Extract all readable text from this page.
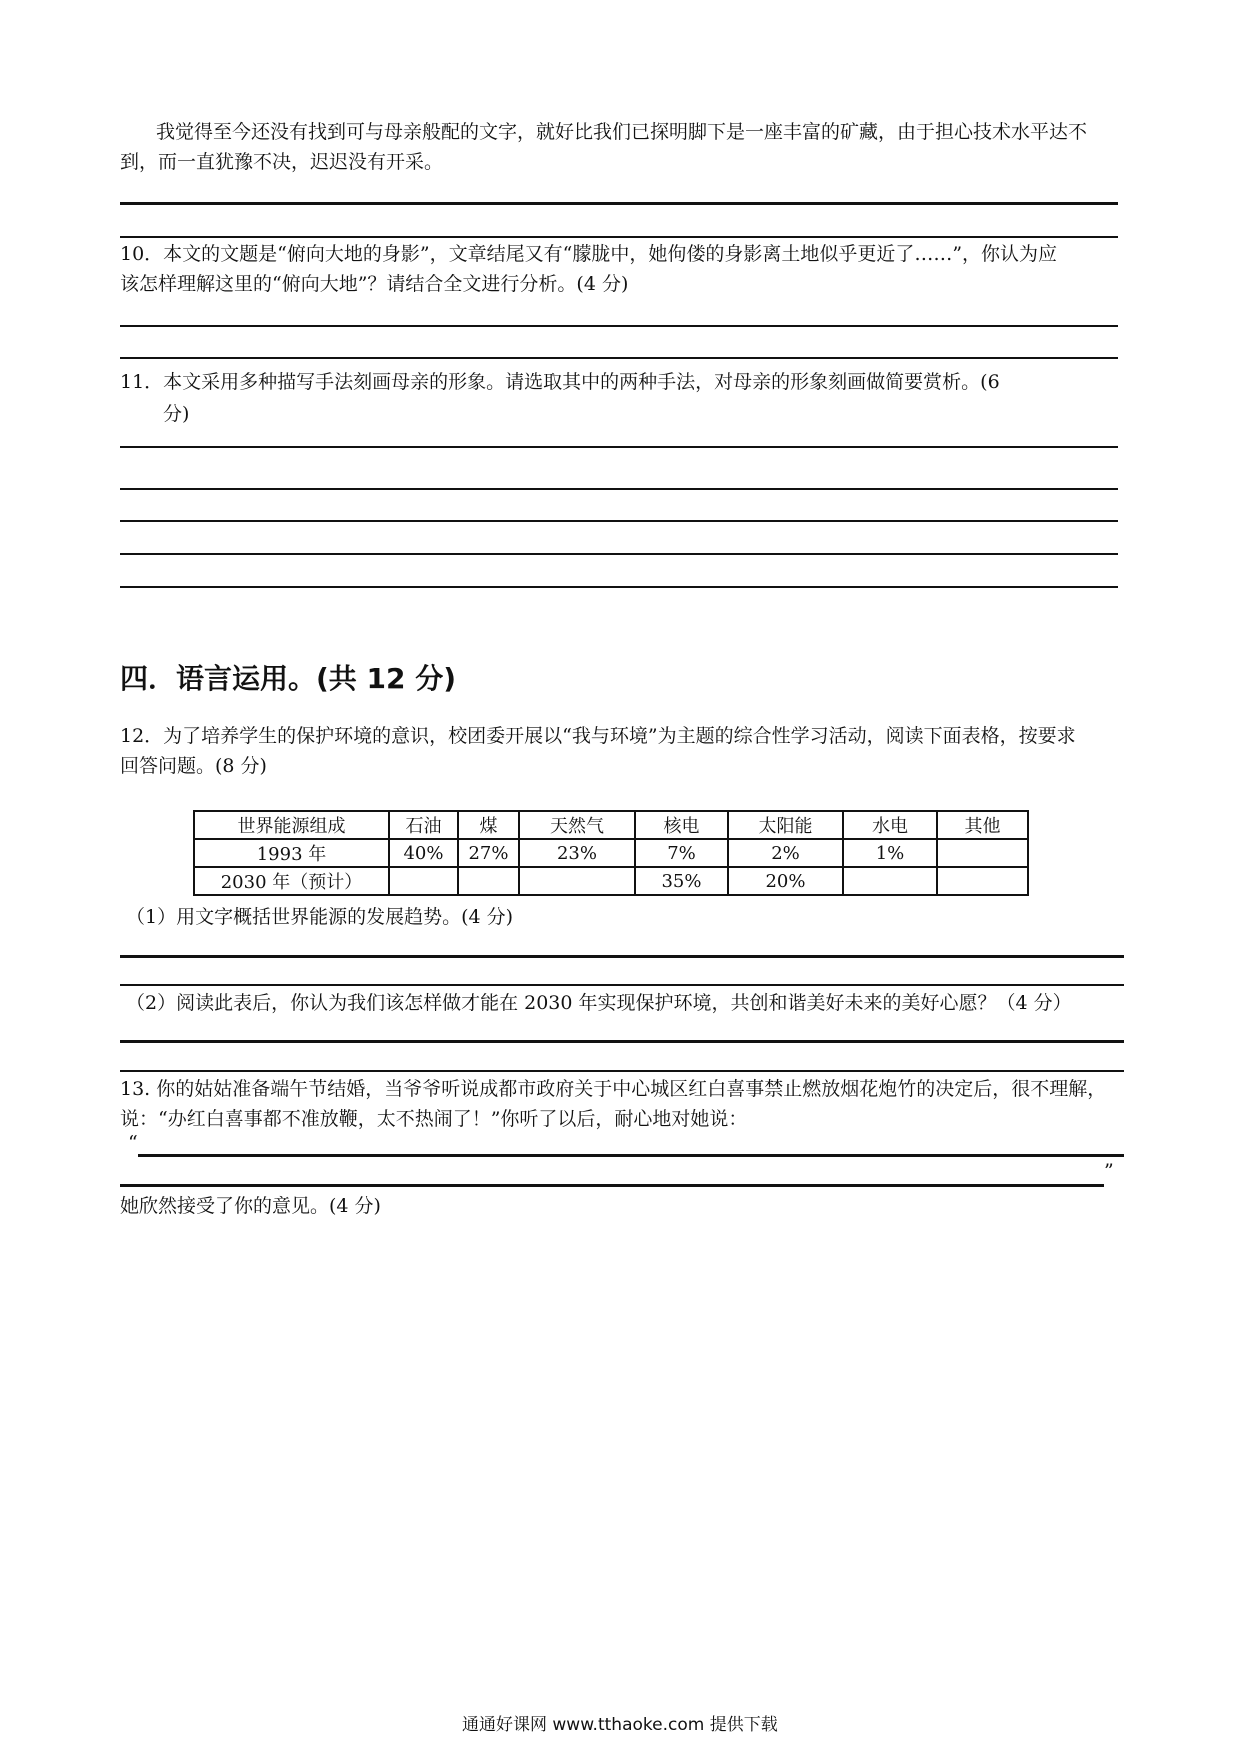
我觉得至今还没有找到可与母亲般配的文字，就好比我们已探明脚下是一座丰富的矿藏，由于担心技术水平达不
到，而一直犹豫不决，迟迟没有开采。
10．本文的文题是“俯向大地的身影”，文章结尾又有“朦胧中，她佝偻的身影离土地似乎更近了……”，你认为应
该怎样理解这里的“俯向大地”？请结合全文进行分析。(4 分)
11．本文采用多种描写手法刻画母亲的形象。请选取其中的两种手法，对母亲的形象刻画做简要赏析。(6
分)
四．语言运用。(共 12 分)
12．为了培养学生的保护环境的意识，校团委开展以“我与环境”为主题的综合性学习活动，阅读下面表格，按要求
回答问题。(8 分)
世界能源组成	石油	煤	天然气	核电	太阳能	水电	其他
1993 年	40%	27%	23%	7%	2%	1%	
2030 年（预计）				35%	20%		
（1）用文字概括世界能源的发展趋势。(4 分)
（2）阅读此表后，你认为我们该怎样做才能在 2030 年实现保护环境，共创和谐美好未来的美好心愿？（4 分）
13. 你的姑姑准备端午节结婚，当爷爷听说成都市政府关于中心城区红白喜事禁止燃放烟花炮竹的决定后，很不理解，
说：“办红白喜事都不准放鞭，太不热闹了！”你听了以后，耐心地对她说：
“
”
她欣然接受了你的意见。(4 分)
通通好课网 www.tthaoke.com 提供下载
